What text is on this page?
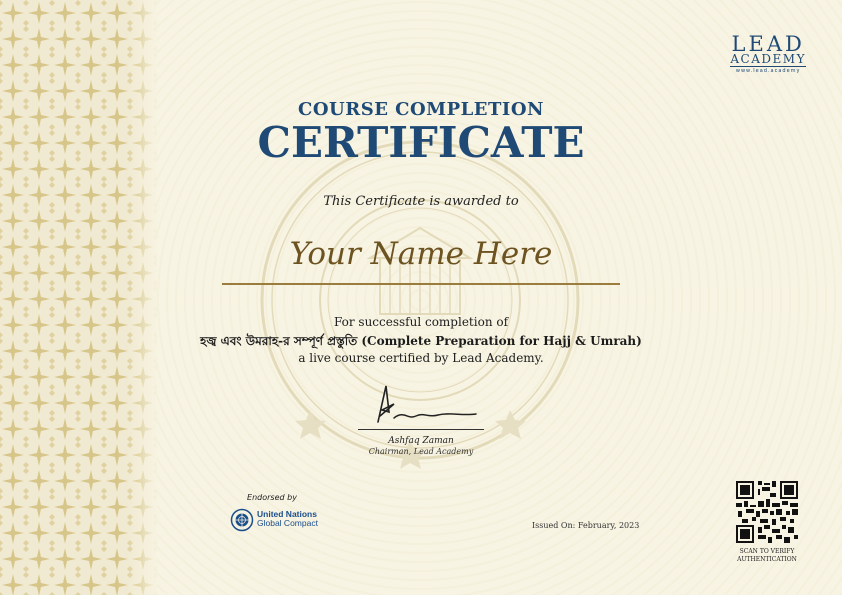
LEAD
ACADEMY
www.lead.academy
COURSE COMPLETION
CERTIFICATE
This Certificate is awarded to
Your Name Here
For successful completion of
হজ্ব এবং উমরাহ-র সম্পূর্ণ প্রস্তুতি (Complete Preparation for Hajj & Umrah)
a live course certified by Lead Academy.
Ashfaq Zaman
Chairman, Lead Academy
Endorsed by
United Nations
Global Compact	Issued On: February, 2023
SCAN TO VERIFY
AUTHENTICATION
